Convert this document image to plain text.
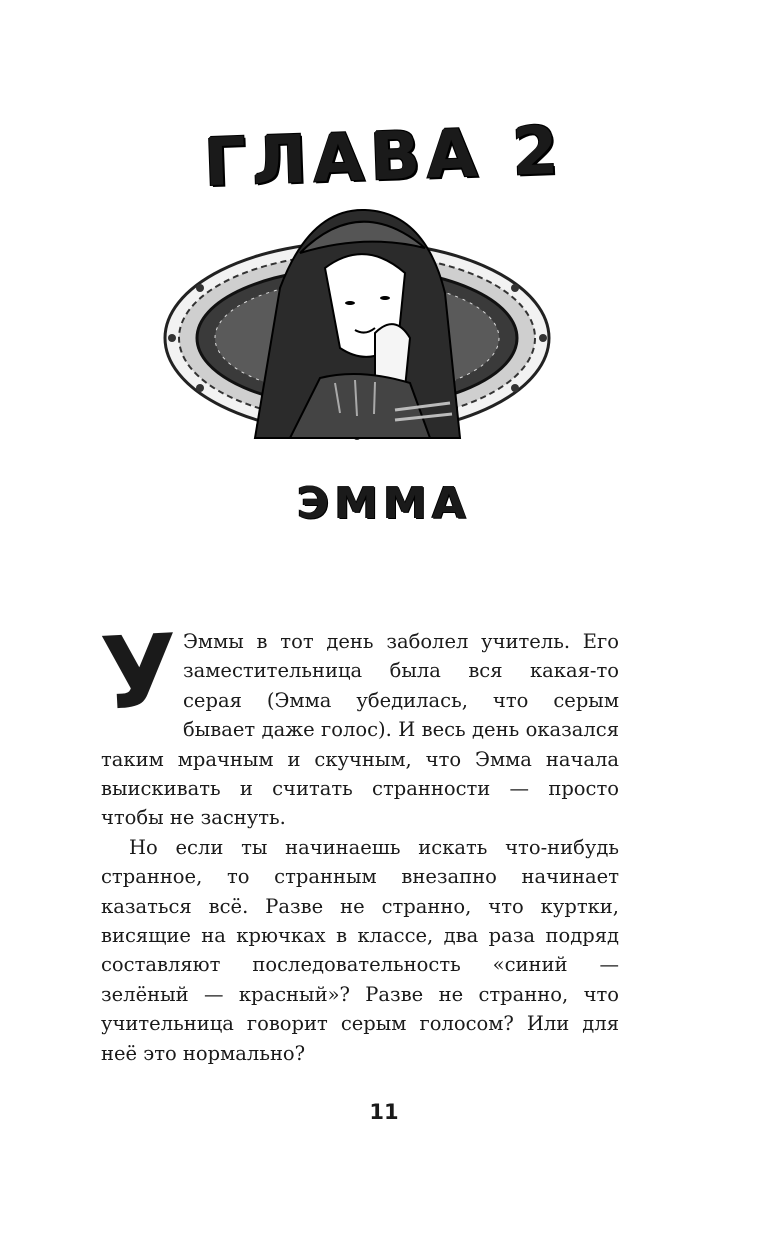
ГЛАВА 2
ЭММА

У Эммы в тот день заболел учитель. Его заместительница была вся какая-то серая (Эмма убедилась, что серым бывает даже голос). И весь день оказался таким мрачным и скучным, что Эмма начала выискивать и считать странности — просто чтобы не заснуть.

Но если ты начинаешь искать что-нибудь странное, то странным внезапно начинает казаться всё. Разве не странно, что куртки, висящие на крючках в классе, два раза подряд составляют последовательность «синий — зелёный — красный»? Разве не странно, что учительница говорит серым голосом? Или для неё это нормально?

11
